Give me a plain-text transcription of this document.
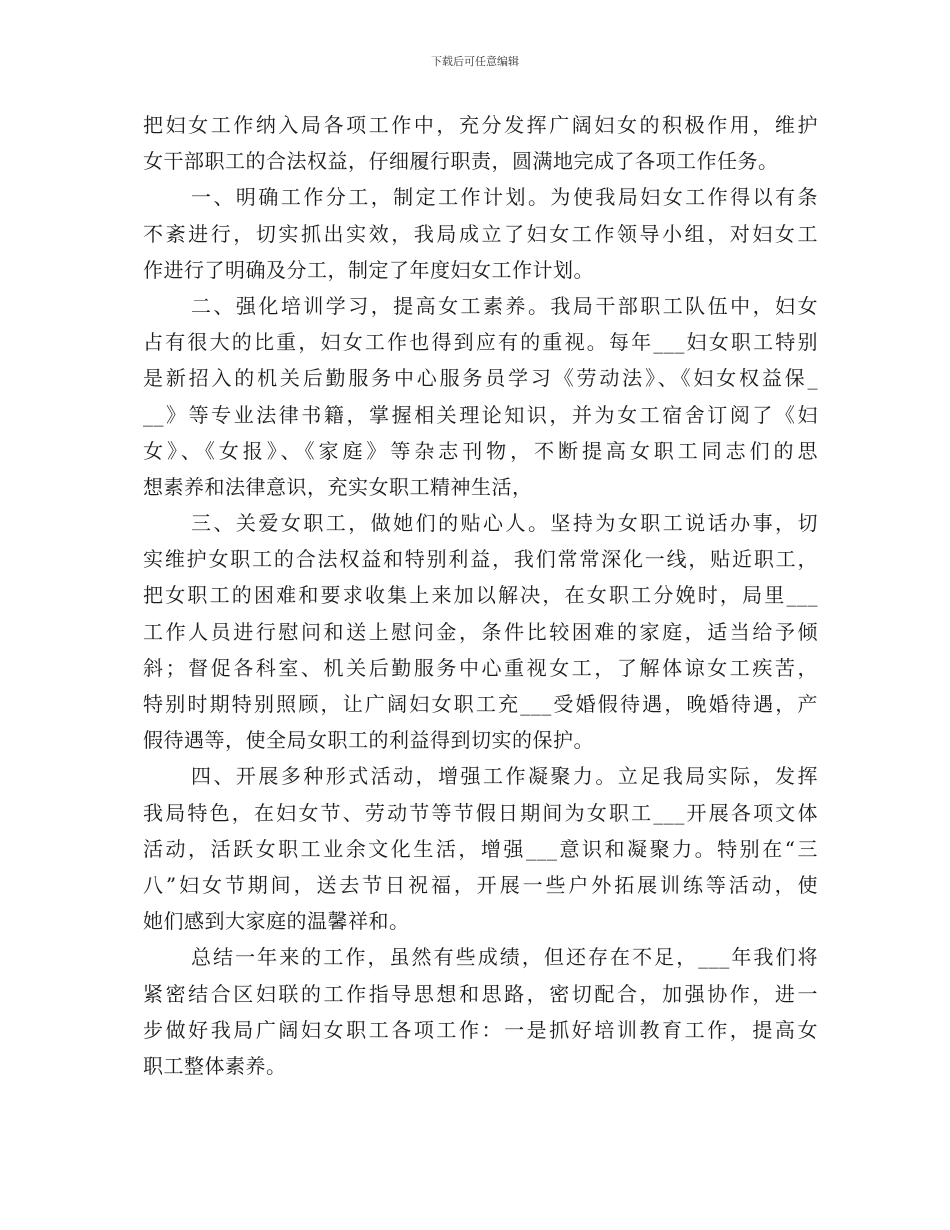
下载后可任意编辑
把妇女工作纳入局各项工作中，充分发挥广阔妇女的积极作用，维护
女干部职工的合法权益，仔细履行职责，圆满地完成了各项工作任务。
一、明确工作分工，制定工作计划。为使我局妇女工作得以有条
不紊进行，切实抓出实效，我局成立了妇女工作领导小组，对妇女工
作进行了明确及分工，制定了年度妇女工作计划。
二、强化培训学习，提高女工素养。我局干部职工队伍中，妇女
占有很大的比重，妇女工作也得到应有的重视。每年___妇女职工特别
是新招入的机关后勤服务中心服务员学习《劳动法》、《妇女权益保_
__》等专业法律书籍，掌握相关理论知识，并为女工宿舍订阅了《妇
女》、《女报》、《家庭》等杂志刊物，不断提高女职工同志们的思
想素养和法律意识，充实女职工精神生活，
三、关爱女职工，做她们的贴心人。坚持为女职工说话办事，切
实维护女职工的合法权益和特别利益，我们常常深化一线，贴近职工，
把女职工的困难和要求收集上来加以解决，在女职工分娩时，局里___
工作人员进行慰问和送上慰问金，条件比较困难的家庭，适当给予倾
斜；督促各科室、机关后勤服务中心重视女工，了解体谅女工疾苦，
特别时期特别照顾，让广阔妇女职工充___受婚假待遇，晚婚待遇，产
假待遇等，使全局女职工的利益得到切实的保护。
四、开展多种形式活动，增强工作凝聚力。立足我局实际，发挥
我局特色，在妇女节、劳动节等节假日期间为女职工___开展各项文体
活动，活跃女职工业余文化生活，增强___意识和凝聚力。特别在“三
八”妇女节期间，送去节日祝福，开展一些户外拓展训练等活动，使
她们感到大家庭的温馨祥和。
总结一年来的工作，虽然有些成绩，但还存在不足，___年我们将
紧密结合区妇联的工作指导思想和思路，密切配合，加强协作，进一
步做好我局广阔妇女职工各项工作：一是抓好培训教育工作，提高女
职工整体素养。
